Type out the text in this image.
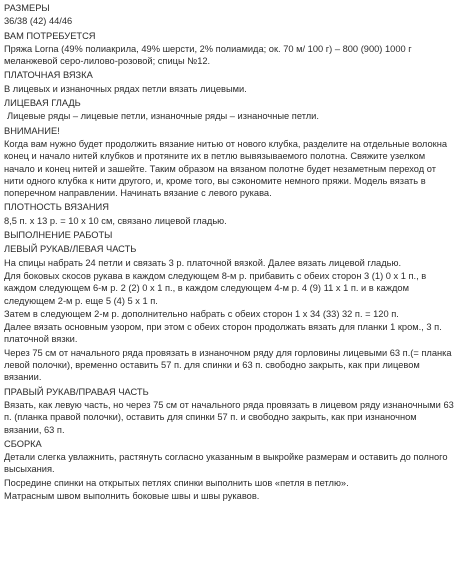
РАЗМЕРЫ
36/38 (42) 44/46
ВАМ ПОТРЕБУЕТСЯ
Пряжа Lorna (49% полиакрила, 49% шерсти, 2% полиамида; ок. 70 м/ 100 г) – 800 (900) 1000 г меланжевой серо-лилово-розовой; спицы №12.
ПЛАТОЧНАЯ ВЯЗКА
В лицевых и изнаночных рядах петли вязать лицевыми.
ЛИЦЕВАЯ ГЛАДЬ
Лицевые ряды – лицевые петли, изнаночные ряды – изнаночные петли.
ВНИМАНИЕ!
Когда вам нужно будет продолжить вязание нитью от нового клубка, разделите на отдельные волокна конец и начало нитей клубков и протяните их в петлю вывязываемого полотна. Свяжите узелком начало и конец нитей и зашейте. Таким образом на вязаном полотне будет незаметным переход от нити одного клубка к нити другого, и, кроме того, вы сэкономите немного пряжи. Модель вязать в поперечном направлении. Начинать вязание с левого рукава.
ПЛОТНОСТЬ ВЯЗАНИЯ
8,5 п. х 13 р. = 10 х 10 см, связано лицевой гладью.
ВЫПОЛНЕНИЕ РАБОТЫ
ЛЕВЫЙ РУКАВ/ЛЕВАЯ ЧАСТЬ
На спицы набрать 24 петли и связать 3 р. платочной вязкой. Далее вязать лицевой гладью.
Для боковых скосов рукава в каждом следующем 8-м р. прибавить с обеих сторон 3 (1) 0 х 1 п., в каждом следующем 6-м р. 2 (2) 0 х 1 п., в каждом следующем 4-м р. 4 (9) 11 х 1 п. и в каждом следующем 2-м р. еще 5 (4) 5 х 1 п.
Затем в следующем 2-м р. дополнительно набрать с обеих сторон 1 х 34 (33) 32 п. = 120 п.
Далее вязать основным узором, при этом с обеих сторон продолжать вязать для планки 1 кром., 3 п. платочной вязки.
Через 75 см от начального ряда провязать в изнаночном ряду для горловины лицевыми 63 п.(= планка левой полочки), временно оставить 57 п. для спинки и 63 п. свободно закрыть, как при лицевом вязании.
ПРАВЫЙ РУКАВ/ПРАВАЯ ЧАСТЬ
Вязать, как левую часть, но через 75 см от начального ряда провязать в лицевом ряду изнаночными 63 п. (планка правой полочки), оставить для спинки 57 п. и свободно закрыть, как при изнаночном вязании, 63 п.
СБОРКА
Детали слегка увлажнить, растянуть согласно указанным в выкройке размерам и оставить до полного высыхания.
Посредине спинки на открытых петлях спинки выполнить шов «петля в петлю».
Матрасным швом выполнить боковые швы и швы рукавов.
